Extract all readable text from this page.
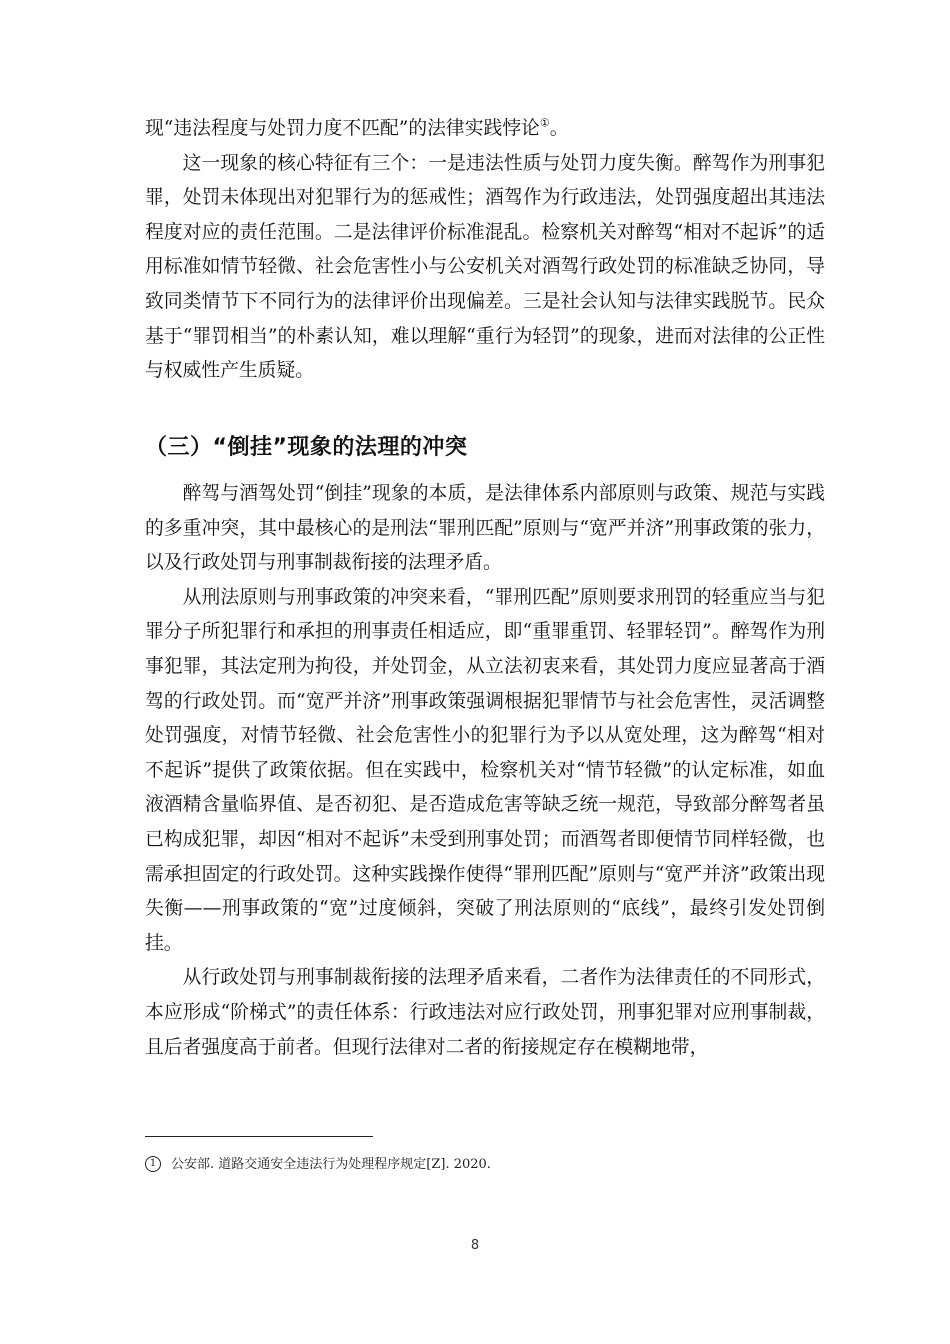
现“违法程度与处罚力度不匹配”的法律实践悖论①。

这一现象的核心特征有三个：一是违法性质与处罚力度失衡。醉驾作为刑事犯罪，处罚未体现出对犯罪行为的惩戒性；酒驾作为行政违法，处罚强度超出其违法程度对应的责任范围。二是法律评价标准混乱。检察机关对醉驾“相对不起诉”的适用标准如情节轻微、社会危害性小与公安机关对酒驾行政处罚的标准缺乏协同，导致同类情节下不同行为的法律评价出现偏差。三是社会认知与法律实践脱节。民众基于“罪罚相当”的朴素认知，难以理解“重行为轻罚”的现象，进而对法律的公正性与权威性产生质疑。

（三）“倒挂”现象的法理的冲突

醉驾与酒驾处罚“倒挂”现象的本质，是法律体系内部原则与政策、规范与实践的多重冲突，其中最核心的是刑法“罪刑匹配”原则与“宽严并济”刑事政策的张力，以及行政处罚与刑事制裁衔接的法理矛盾。

从刑法原则与刑事政策的冲突来看，“罪刑匹配”原则要求刑罚的轻重应当与犯罪分子所犯罪行和承担的刑事责任相适应，即“重罪重罚、轻罪轻罚”。醉驾作为刑事犯罪，其法定刑为拘役，并处罚金，从立法初衷来看，其处罚力度应显著高于酒驾的行政处罚。而“宽严并济”刑事政策强调根据犯罪情节与社会危害性，灵活调整处罚强度，对情节轻微、社会危害性小的犯罪行为予以从宽处理，这为醉驾“相对不起诉”提供了政策依据。但在实践中，检察机关对“情节轻微”的认定标准，如血液酒精含量临界值、是否初犯、是否造成危害等缺乏统一规范，导致部分醉驾者虽已构成犯罪，却因“相对不起诉”未受到刑事处罚；而酒驾者即便情节同样轻微，也需承担固定的行政处罚。这种实践操作使得“罪刑匹配”原则与“宽严并济”政策出现失衡——刑事政策的“宽”过度倾斜，突破了刑法原则的“底线”，最终引发处罚倒挂。

从行政处罚与刑事制裁衔接的法理矛盾来看，二者作为法律责任的不同形式，本应形成“阶梯式”的责任体系：行政违法对应行政处罚，刑事犯罪对应刑事制裁，且后者强度高于前者。但现行法律对二者的衔接规定存在模糊地带，

1 公安部. 道路交通安全违法行为处理程序规定[Z]. 2020.
8
